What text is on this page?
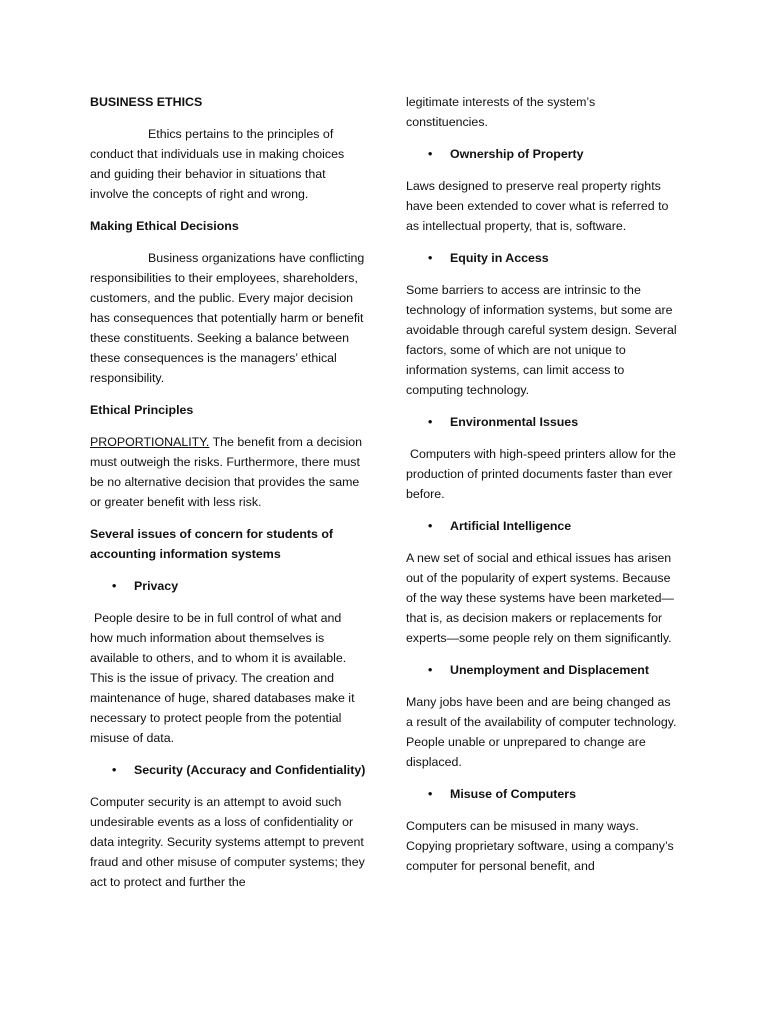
BUSINESS ETHICS
Ethics pertains to the principles of conduct that individuals use in making choices and guiding their behavior in situations that involve the concepts of right and wrong.
Making Ethical Decisions
Business organizations have conflicting responsibilities to their employees, shareholders, customers, and the public. Every major decision has consequences that potentially harm or benefit these constituents. Seeking a balance between these consequences is the managers’ ethical responsibility.
Ethical Principles
PROPORTIONALITY. The benefit from a decision must outweigh the risks. Furthermore, there must be no alternative decision that provides the same or greater benefit with less risk.
Several issues of concern for students of accounting information systems
•	Privacy
People desire to be in full control of what and how much information about themselves is available to others, and to whom it is available. This is the issue of privacy. The creation and maintenance of huge, shared databases make it necessary to protect people from the potential misuse of data.
•	Security (Accuracy and Confidentiality)
Computer security is an attempt to avoid such undesirable events as a loss of confidentiality or data integrity. Security systems attempt to prevent fraud and other misuse of computer systems; they act to protect and further the
legitimate interests of the system’s constituencies.
•	Ownership of Property
Laws designed to preserve real property rights have been extended to cover what is referred to as intellectual property, that is, software.
•	Equity in Access
Some barriers to access are intrinsic to the technology of information systems, but some are avoidable through careful system design. Several factors, some of which are not unique to information systems, can limit access to computing technology.
•	Environmental Issues
Computers with high-speed printers allow for the production of printed documents faster than ever before.
•	Artificial Intelligence
A new set of social and ethical issues has arisen out of the popularity of expert systems. Because of the way these systems have been marketed—that is, as decision makers or replacements for experts—some people rely on them significantly.
•	Unemployment and Displacement
Many jobs have been and are being changed as a result of the availability of computer technology. People unable or unprepared to change are displaced.
•	Misuse of Computers
Computers can be misused in many ways. Copying proprietary software, using a company’s computer for personal benefit, and
